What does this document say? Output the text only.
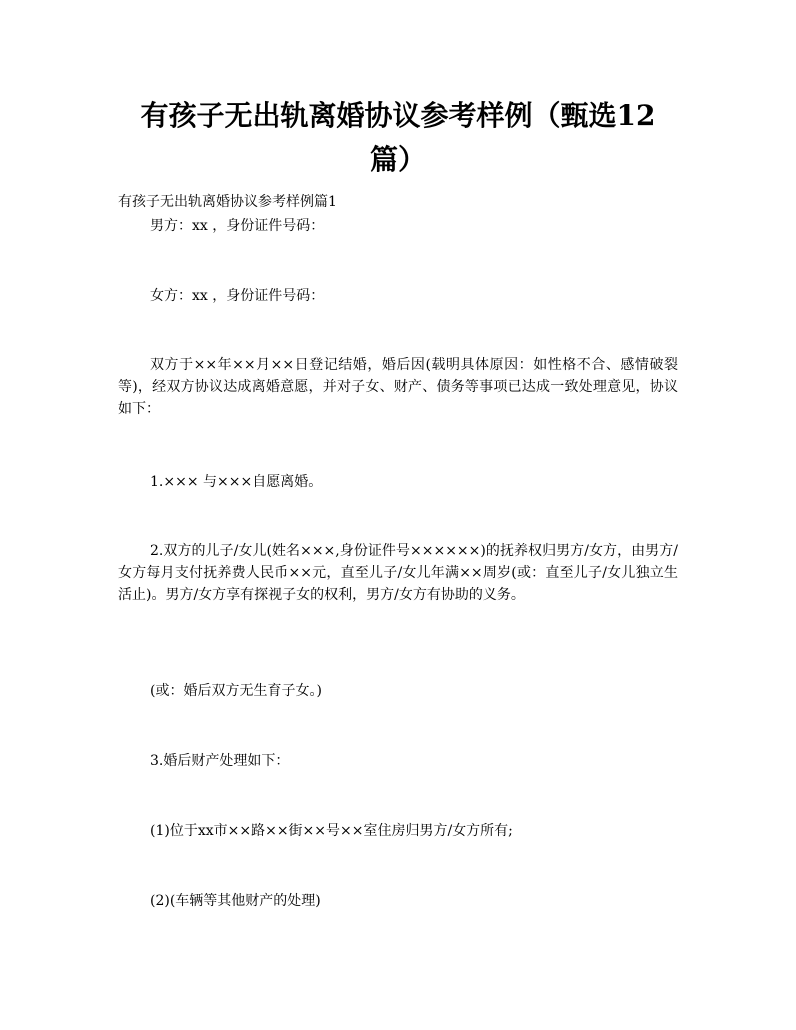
有孩子无出轨离婚协议参考样例（甄选12篇）
有孩子无出轨离婚协议参考样例篇1
男方：xx ，身份证件号码：
女方：xx ，身份证件号码：
双方于××年××月××日登记结婚，婚后因(载明具体原因：如性格不合、感情破裂等)，经双方协议达成离婚意愿，并对子女、财产、债务等事项已达成一致处理意见，协议如下：
1.××× 与×××自愿离婚。
2.双方的儿子/女儿(姓名×××,身份证件号××××××)的抚养权归男方/女方，由男方/女方每月支付抚养费人民币××元，直至儿子/女儿年满××周岁(或：直至儿子/女儿独立生活止)。男方/女方享有探视子女的权利，男方/女方有协助的义务。
(或：婚后双方无生育子女。)
3.婚后财产处理如下：
(1)位于xx市××路××街××号××室住房归男方/女方所有;
(2)(车辆等其他财产的处理)
